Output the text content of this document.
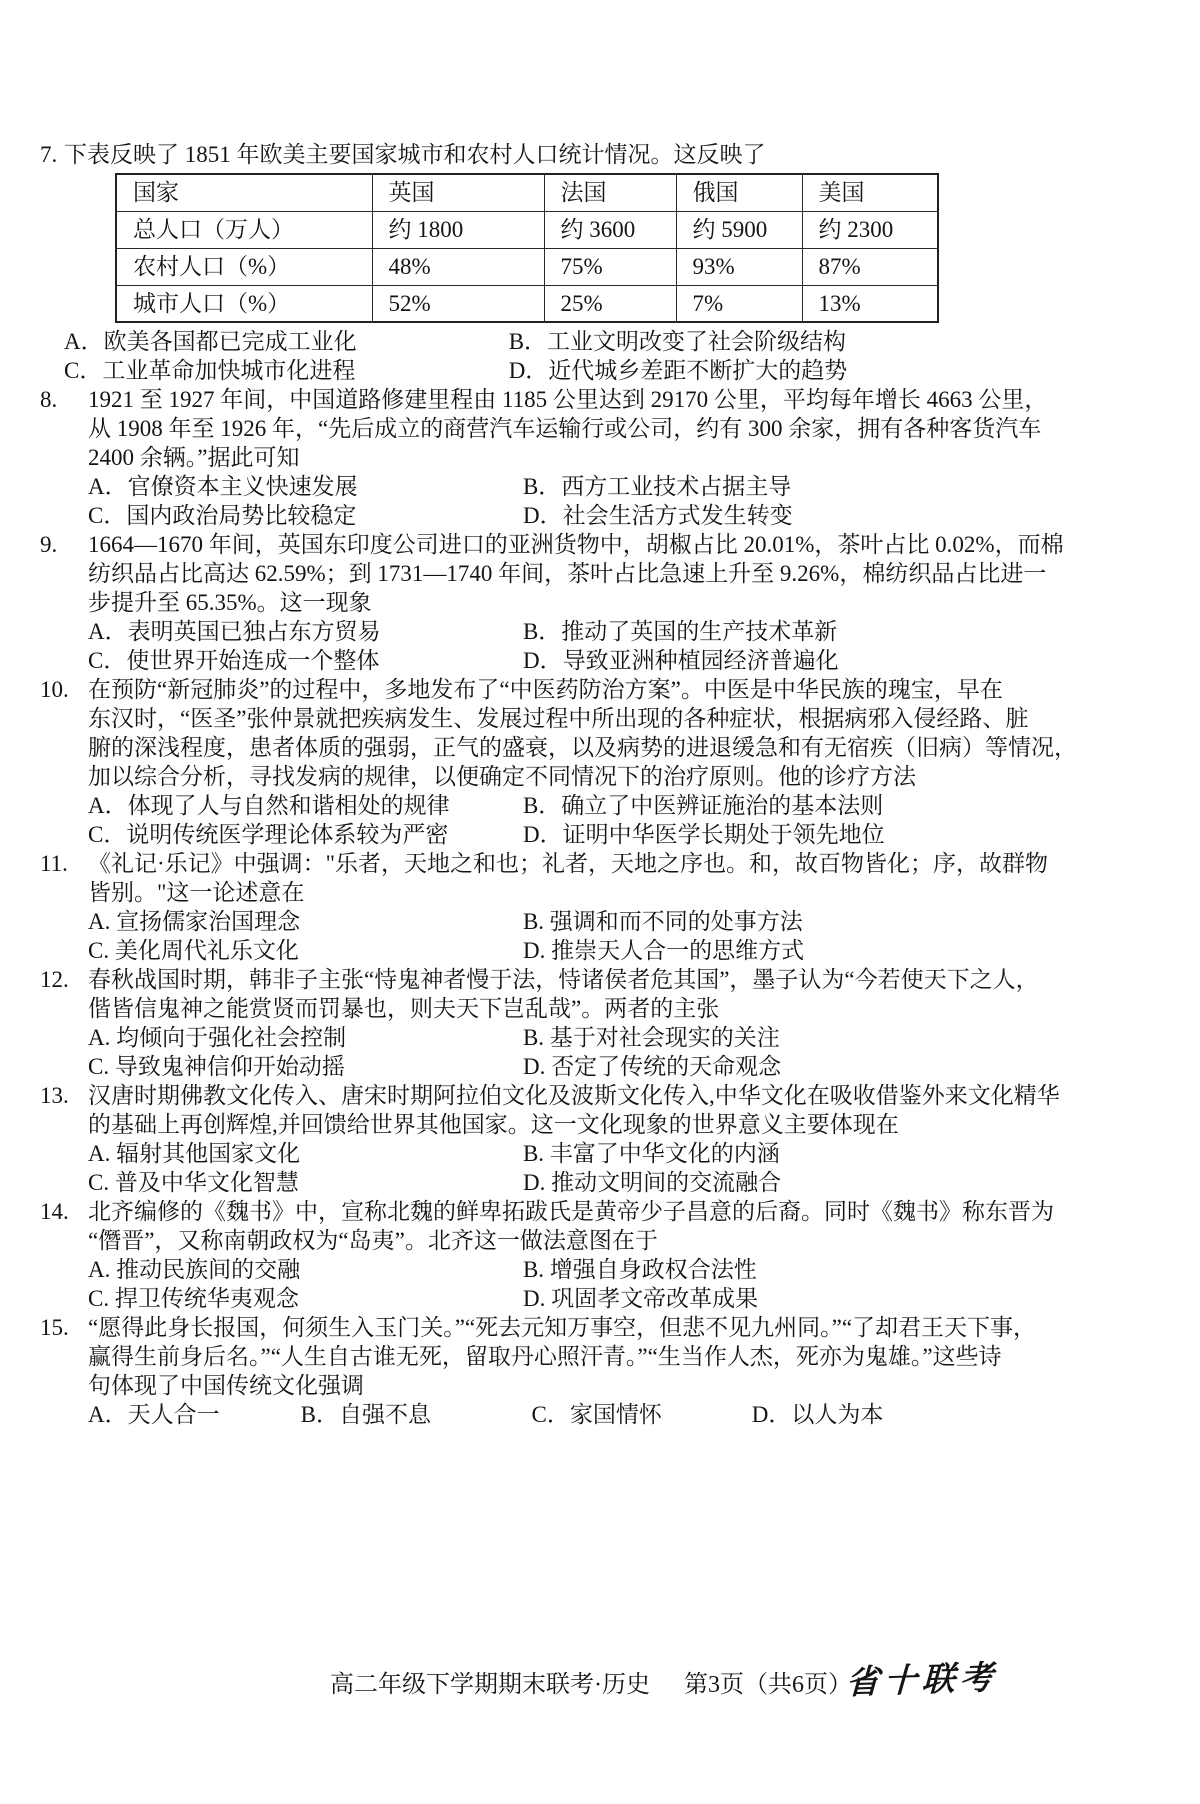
7. 下表反映了 1851 年欧美主要国家城市和农村人口统计情况。这反映了
国家	英国	法国	俄国	美国
总人口（万人）	约 1800	约 3600	约 5900	约 2300
农村人口（%）	48%	75%	93%	87%
城市人口（%）	52%	25%	7%	13%
A．欧美各国都已完成工业化	B．工业文明改变了社会阶级结构
C．工业革命加快城市化进程	D．近代城乡差距不断扩大的趋势
8.	1921 至 1927 年间，中国道路修建里程由 1185 公里达到 29170 公里，平均每年增长 4663 公里，
从 1908 年至 1926 年，“先后成立的商营汽车运输行或公司，约有 300 余家，拥有各种客货汽车
2400 余辆。”据此可知
A．官僚资本主义快速发展	B．西方工业技术占据主导
C．国内政治局势比较稳定	D．社会生活方式发生转变
9.	1664—1670 年间，英国东印度公司进口的亚洲货物中，胡椒占比 20.01%，茶叶占比 0.02%，而棉
纺织品占比高达 62.59%；到 1731—1740 年间，茶叶占比急速上升至 9.26%，棉纺织品占比进一
步提升至 65.35%。这一现象
A．表明英国已独占东方贸易	B．推动了英国的生产技术革新
C．使世界开始连成一个整体	D．导致亚洲种植园经济普遍化
10. 在预防“新冠肺炎”的过程中，多地发布了“中医药防治方案”。中医是中华民族的瑰宝，早在
东汉时，“医圣”张仲景就把疾病发生、发展过程中所出现的各种症状，根据病邪入侵经路、脏
腑的深浅程度，患者体质的强弱，正气的盛衰，以及病势的进退缓急和有无宿疾（旧病）等情况，
加以综合分析，寻找发病的规律，以便确定不同情况下的治疗原则。他的诊疗方法
A．体现了人与自然和谐相处的规律	B．确立了中医辨证施治的基本法则
C．说明传统医学理论体系较为严密	D．证明中华医学长期处于领先地位
11. 《礼记·乐记》中强调："乐者，天地之和也；礼者，天地之序也。和，故百物皆化；序，故群物
皆别。"这一论述意在
A. 宣扬儒家治国理念	B. 强调和而不同的处事方法
C. 美化周代礼乐文化	D. 推崇天人合一的思维方式
12. 春秋战国时期，韩非子主张“恃鬼神者慢于法，恃诸侯者危其国”，墨子认为“今若使天下之人，
偕皆信鬼神之能赏贤而罚暴也，则夫天下岂乱哉”。两者的主张
A. 均倾向于强化社会控制	B. 基于对社会现实的关注
C. 导致鬼神信仰开始动摇	D. 否定了传统的天命观念
13. 汉唐时期佛教文化传入、唐宋时期阿拉伯文化及波斯文化传入,中华文化在吸收借鉴外来文化精华
的基础上再创辉煌,并回馈给世界其他国家。这一文化现象的世界意义主要体现在
A. 辐射其他国家文化	B. 丰富了中华文化的内涵
C. 普及中华文化智慧	D. 推动文明间的交流融合
14. 北齐编修的《魏书》中，宣称北魏的鲜卑拓跋氏是黄帝少子昌意的后裔。同时《魏书》称东晋为
“僭晋”，又称南朝政权为“岛夷”。北齐这一做法意图在于
A. 推动民族间的交融	B. 增强自身政权合法性
C. 捍卫传统华夷观念	D. 巩固孝文帝改革成果
15. “愿得此身长报国，何须生入玉门关。”“死去元知万事空，但悲不见九州同。”“了却君王天下事，
赢得生前身后名。”“人生自古谁无死，留取丹心照汗青。”“生当作人杰，死亦为鬼雄。”这些诗
句体现了中国传统文化强调
A．天人合一	B．自强不息	C．家国情怀	D．以人为本
高二年级下学期期末联考·历史 第3页（共6页）
省十联考
